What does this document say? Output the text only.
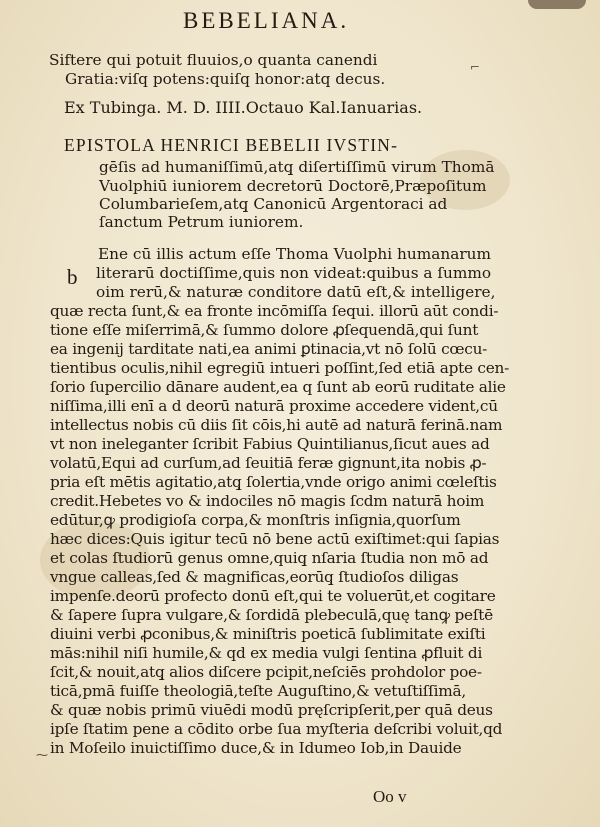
BEBELIANA.
Siftere qui potuit fluuios,o quanta canendi
Gratia:viſq potens:quiſq honor:atq decus.
Ex Tubinga. M. D. IIII.Octauo Kal.Ianuarias.
EPISTOLA HENRICI BEBELII IVSTIN-
gēſis ad humaniſſimū,atq̧ diſertiſſimū virum Thomā
Vuolphiū iuniorem decretorū Doctorē,Præpoſitum
Columbarieſem,atq̧ Canonicū Argentoraci ad
ſanctum Petrum iuniorem.
b
Ene cū illis actum eſſe Thoma Vuolphi humanarum
literarū doctiſſime,quis non videat:quibus a ſummo
oim rerū,& naturæ conditore datū eſt,& intelligere,
quæ recta ſunt,& ea fronte incōmiſſa ſequi. illorū aūt condi-
tione eſſe miſerrimā,& ſummo dolore ꝓſequendā,qui ſunt
ea ingenij tarditate nati,ea animi ꝑtinacia,vt nō ſolū cœcu-
tientibus oculis,nihil egregiū intueri poſſint,ſed etiā apte cen-
ſorio ſupercilio dānare audent,ea q ſunt ab eorū ruditate alie
niſſima,illi enī a d deorū naturā proxime accedere vident,cū
intellectus nobis cū diis ſit cōis,hi autē ad naturā ferinā.nam
vt non ineleganter ſcribit Fabius Quintilianus,ſicut aues ad
volatū,Equi ad curſum,ad ſeuitiā feræ gignunt,ita nobis ꝓ-
pria eſt mētis agitatio,atq̧ ſolertia,vnde origo animi cœleſtis
credit.Hebetes vo & indociles nō magis ſcdm naturā hoim
edūtur,ꝙ prodigioſa corpa,& monſtris inſignia,quorſum
hæc dices:Quis igitur tecū nō bene actū exiſtimet:qui ſapias
et colas ſtudiorū genus omne,quiq̧ nſaria ſtudia non mō ad
vngue calleas,ſed & magnificas,eorūq̧ ſtudioſos diligas
impenſe.deorū profecto donū eſt,qui te voluerūt,et cogitare
& ſapere ſupra vulgare,& ſordidā plebeculā,quę tanꝙ peſtē
diuini verbi ꝓconibus,& miniſtris poeticā ſublimitate exiſti
mās:nihil niſi humile,& qd ex media vulgi ſentina ꝓfluit di
ſcit,& nouit,atq̧ alios diſcere pcipit,neſciēs prohdolor poe-
ticā,pmā fuiſſe theologiā,teſte Auguſtino,& vetuſtiſſimā,
& quæ nobis primū viuēdi modū pręſcripſerit,per quā deus
ipſe ſtatim pene a cōdito orbe ſua myſteria deſcribi voluit,qd
in Moſeilo inuictiſſimo duce,& in Idumeo Iob,in Dauide
⌐
⁓
Oo v
